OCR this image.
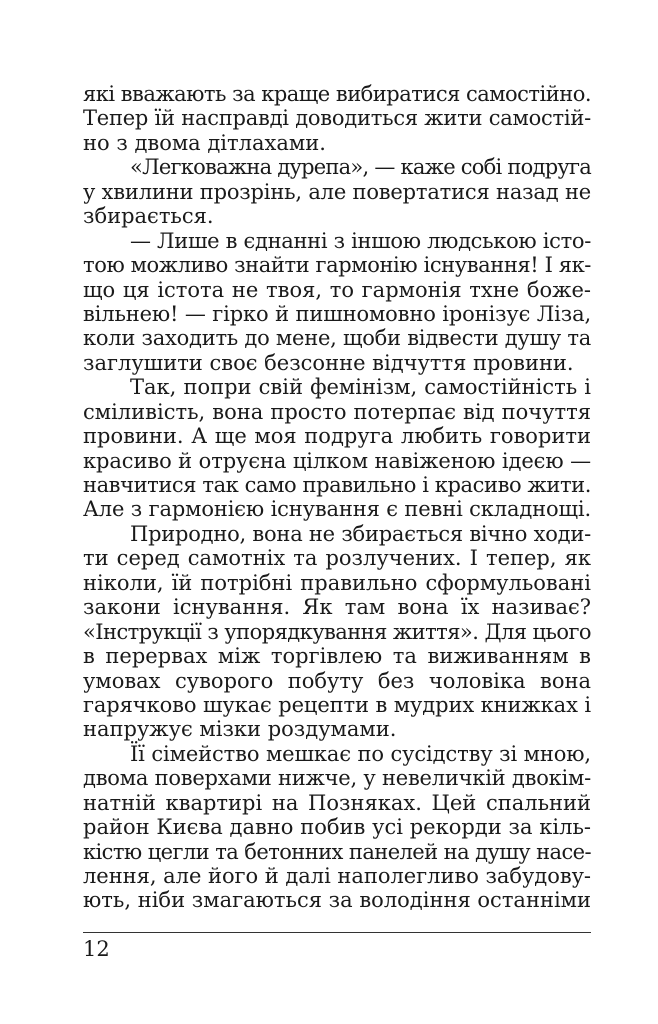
які вважають за краще вибиратися самостійно.
Тепер їй насправді доводиться жити самостій-
но з двома дітлахами.
«Легковажна дурепа», — каже собі подруга
у хвилини прозрінь, але повертатися назад не
збирається.
— Лише в єднанні з іншою людською істо-
тою можливо знайти гармонію існування! І як-
що ця істота не твоя, то гармонія тхне боже-
вільнею! — гірко й пишномовно іронізує Ліза,
коли заходить до мене, щоби відвести душу та
заглушити своє безсонне відчуття провини.
Так, попри свій фемінізм, самостійність і
сміливість, вона просто потерпає від почуття
провини. А ще моя подруга любить говорити
красиво й отруєна цілком навіженою ідеєю —
навчитися так само правильно і красиво жити.
Але з гармонією існування є певні складнощі.
Природно, вона не збирається вічно ходи-
ти серед самотніх та розлучених. І тепер, як
ніколи, їй потрібні правильно сформульовані
закони існування. Як там вона їх називає?
«Інструкції з упорядкування життя». Для цього
в перервах між торгівлею та виживанням в
умовах суворого побуту без чоловіка вона
гарячково шукає рецепти в мудрих книжках і
напружує мізки роздумами.
Її сімейство мешкає по сусідству зі мною,
двома поверхами нижче, у невеличкій двокім-
натній квартирі на Позняках. Цей спальний
район Києва давно побив усі рекорди за кіль-
кістю цегли та бетонних панелей на душу насе-
лення, але його й далі наполегливо забудову-
ють, ніби змагаються за володіння останніми
12
